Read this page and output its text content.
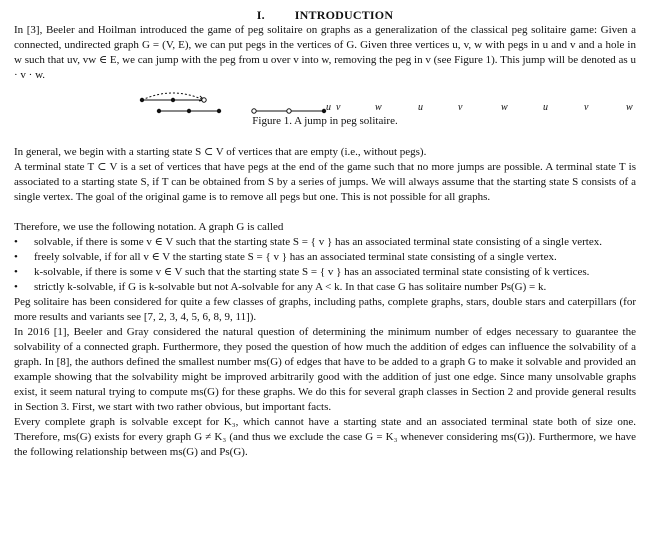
I. INTRODUCTION

In [3], Beeler and Hoilman introduced the game of peg solitaire on graphs as a generalization of the classical peg solitaire game: Given a connected, undirected graph G = (V, E), we can put pegs in the vertices of G. Given three vertices u, v, w with pegs in u and v and a hole in w such that uv, vw ∈ E, we can jump with the peg from u over v into w, removing the peg in v (see Figure 1). This jump will be denoted as u · v · w.

u v	w	u	v	w	u	v	w
Figure 1. A jump in peg solitaire.

In general, we begin with a starting state S ⊂ V of vertices that are empty (i.e., without pegs).

A terminal state T ⊂ V is a set of vertices that have pegs at the end of the game such that no more jumps are possible. A terminal state T is associated to a starting state S, if T can be obtained from S by a series of jumps. We will always assume that the starting state S consists of a single vertex. The goal of the original game is to remove all pegs but one. This is not possible for all graphs.

Therefore, we use the following notation. A graph G is called

• solvable, if there is some v ∈ V such that the starting state S = { v } has an associated terminal state consisting of a single vertex.
• freely solvable, if for all v ∈ V the starting state S = { v } has an associated terminal state consisting of a single vertex.
• k-solvable, if there is some v ∈ V such that the starting state S = { v } has an associated terminal state consisting of k vertices.
• strictly k-solvable, if G is k-solvable but not A-solvable for any A < k. In that case G has solitaire number Ps(G) = k.

Peg solitaire has been considered for quite a few classes of graphs, including paths, complete graphs, stars, double stars and caterpillars (for more results and variants see [7, 2, 3, 4, 5, 6, 8, 9, 11]).

In 2016 [1], Beeler and Gray considered the natural question of determining the minimum number of edges necessary to guarantee the solvability of a connected graph. Furthermore, they posed the question of how much the addition of edges can influence the solvability of a graph. In [8], the authors defined the smallest number ms(G) of edges that have to be added to a graph G to make it solvable and provided an example showing that the solvability might be improved arbitrarily good with the addition of just one edge. Since many unsolvable graphs exist, it seem natural trying to compute ms(G) for these graphs. We do this for several graph classes in Section 2 and provide general results in Section 3. First, we start with two rather obvious, but important facts.

Every complete graph is solvable except for K₃, which cannot have a starting state and an associated terminal state both of size one. Therefore, ms(G) exists for every graph G ≠ K₃ (and thus we exclude the case G = K₃ whenever considering ms(G)). Furthermore, we have the following relationship between ms(G) and Ps(G).
